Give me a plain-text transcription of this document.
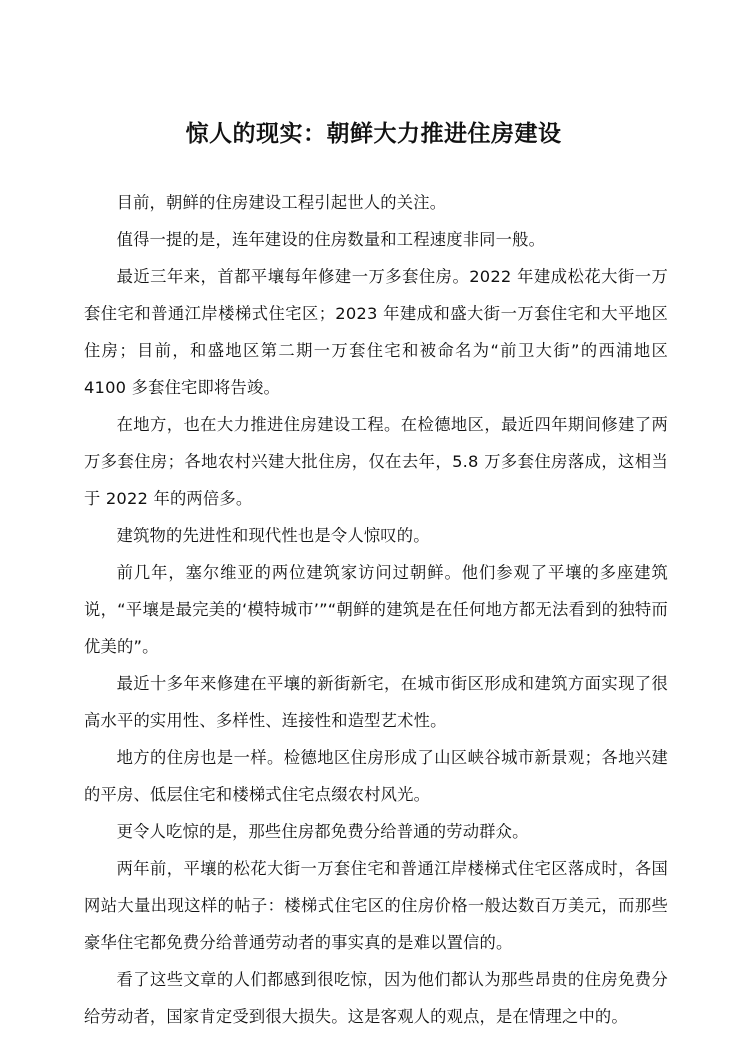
惊人的现实：朝鲜大力推进住房建设

目前，朝鲜的住房建设工程引起世人的关注。

值得一提的是，连年建设的住房数量和工程速度非同一般。

最近三年来，首都平壤每年修建一万多套住房。2022 年建成松花大街一万套住宅和普通江岸楼梯式住宅区；2023 年建成和盛大街一万套住宅和大平地区住房；目前，和盛地区第二期一万套住宅和被命名为“前卫大街”的西浦地区 4100 多套住宅即将告竣。

在地方，也在大力推进住房建设工程。在检德地区，最近四年期间修建了两万多套住房；各地农村兴建大批住房，仅在去年，5.8 万多套住房落成，这相当于 2022 年的两倍多。

建筑物的先进性和现代性也是令人惊叹的。

前几年，塞尔维亚的两位建筑家访问过朝鲜。他们参观了平壤的多座建筑说，“平壤是最完美的‘模特城市’”“朝鲜的建筑是在任何地方都无法看到的独特而优美的”。

最近十多年来修建在平壤的新街新宅，在城市街区形成和建筑方面实现了很高水平的实用性、多样性、连接性和造型艺术性。

地方的住房也是一样。检德地区住房形成了山区峡谷城市新景观；各地兴建的平房、低层住宅和楼梯式住宅点缀农村风光。

更令人吃惊的是，那些住房都免费分给普通的劳动群众。

两年前，平壤的松花大街一万套住宅和普通江岸楼梯式住宅区落成时，各国网站大量出现这样的帖子：楼梯式住宅区的住房价格一般达数百万美元，而那些豪华住宅都免费分给普通劳动者的事实真的是难以置信的。

看了这些文章的人们都感到很吃惊，因为他们都认为那些昂贵的住房免费分给劳动者，国家肯定受到很大损失。这是客观人的观点，是在情理之中的。
